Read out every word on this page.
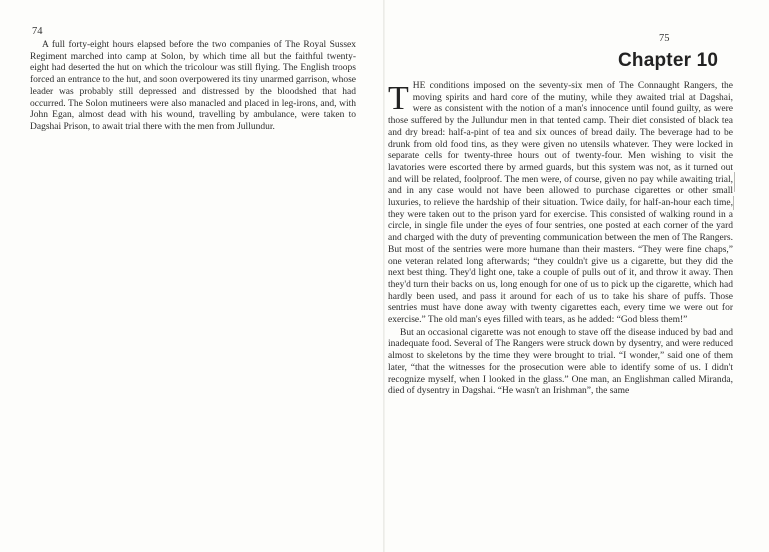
74

A full forty-eight hours elapsed before the two companies of The Royal Sussex Regiment marched into camp at Solon, by which time all but the faithful twenty-eight had deserted the hut on which the tricolour was still flying. The English troops forced an entrance to the hut, and soon overpowered its tiny unarmed garrison, whose leader was probably still depressed and distressed by the bloodshed that had occurred. The Solon mutineers were also manacled and placed in leg-irons, and, with John Egan, almost dead with his wound, travelling by ambulance, were taken to Dagshai Prison, to await trial there with the men from Jullundur.

75
Chapter 10

THE conditions imposed on the seventy-six men of The Connaught Rangers, the moving spirits and hard core of the mutiny, while they awaited trial at Dagshai, were as consistent with the notion of a man's innocence until found guilty, as were those suffered by the Jullundur men in that tented camp. Their diet consisted of black tea and dry bread: half-a-pint of tea and six ounces of bread daily. The beverage had to be drunk from old food tins, as they were given no utensils whatever. They were locked in separate cells for twenty-three hours out of twenty-four. Men wishing to visit the lavatories were escorted there by armed guards, but this system was not, as it turned out and will be related, foolproof. The men were, of course, given no pay while awaiting trial, and in any case would not have been allowed to purchase cigarettes or other small luxuries, to relieve the hardship of their situation. Twice daily, for half-an-hour each time, they were taken out to the prison yard for exercise. This consisted of walking round in a circle, in single file under the eyes of four sentries, one posted at each corner of the yard and charged with the duty of preventing communication between the men of The Rangers. But most of the sentries were more humane than their masters. “They were fine chaps,” one veteran related long afterwards; “they couldn't give us a cigarette, but they did the next best thing. They'd light one, take a couple of pulls out of it, and throw it away. Then they'd turn their backs on us, long enough for one of us to pick up the cigarette, which had hardly been used, and pass it around for each of us to take his share of puffs. Those sentries must have done away with twenty cigarettes each, every time we were out for exercise.” The old man's eyes filled with tears, as he added: “God bless them!”

But an occasional cigarette was not enough to stave off the disease induced by bad and inadequate food. Several of The Rangers were struck down by dysentry, and were reduced almost to skeletons by the time they were brought to trial. “I wonder,” said one of them later, “that the witnesses for the prosecution were able to identify some of us. I didn't recognize myself, when I looked in the glass.” One man, an Englishman called Miranda, died of dysentry in Dagshai. “He wasn't an Irishman”, the same
